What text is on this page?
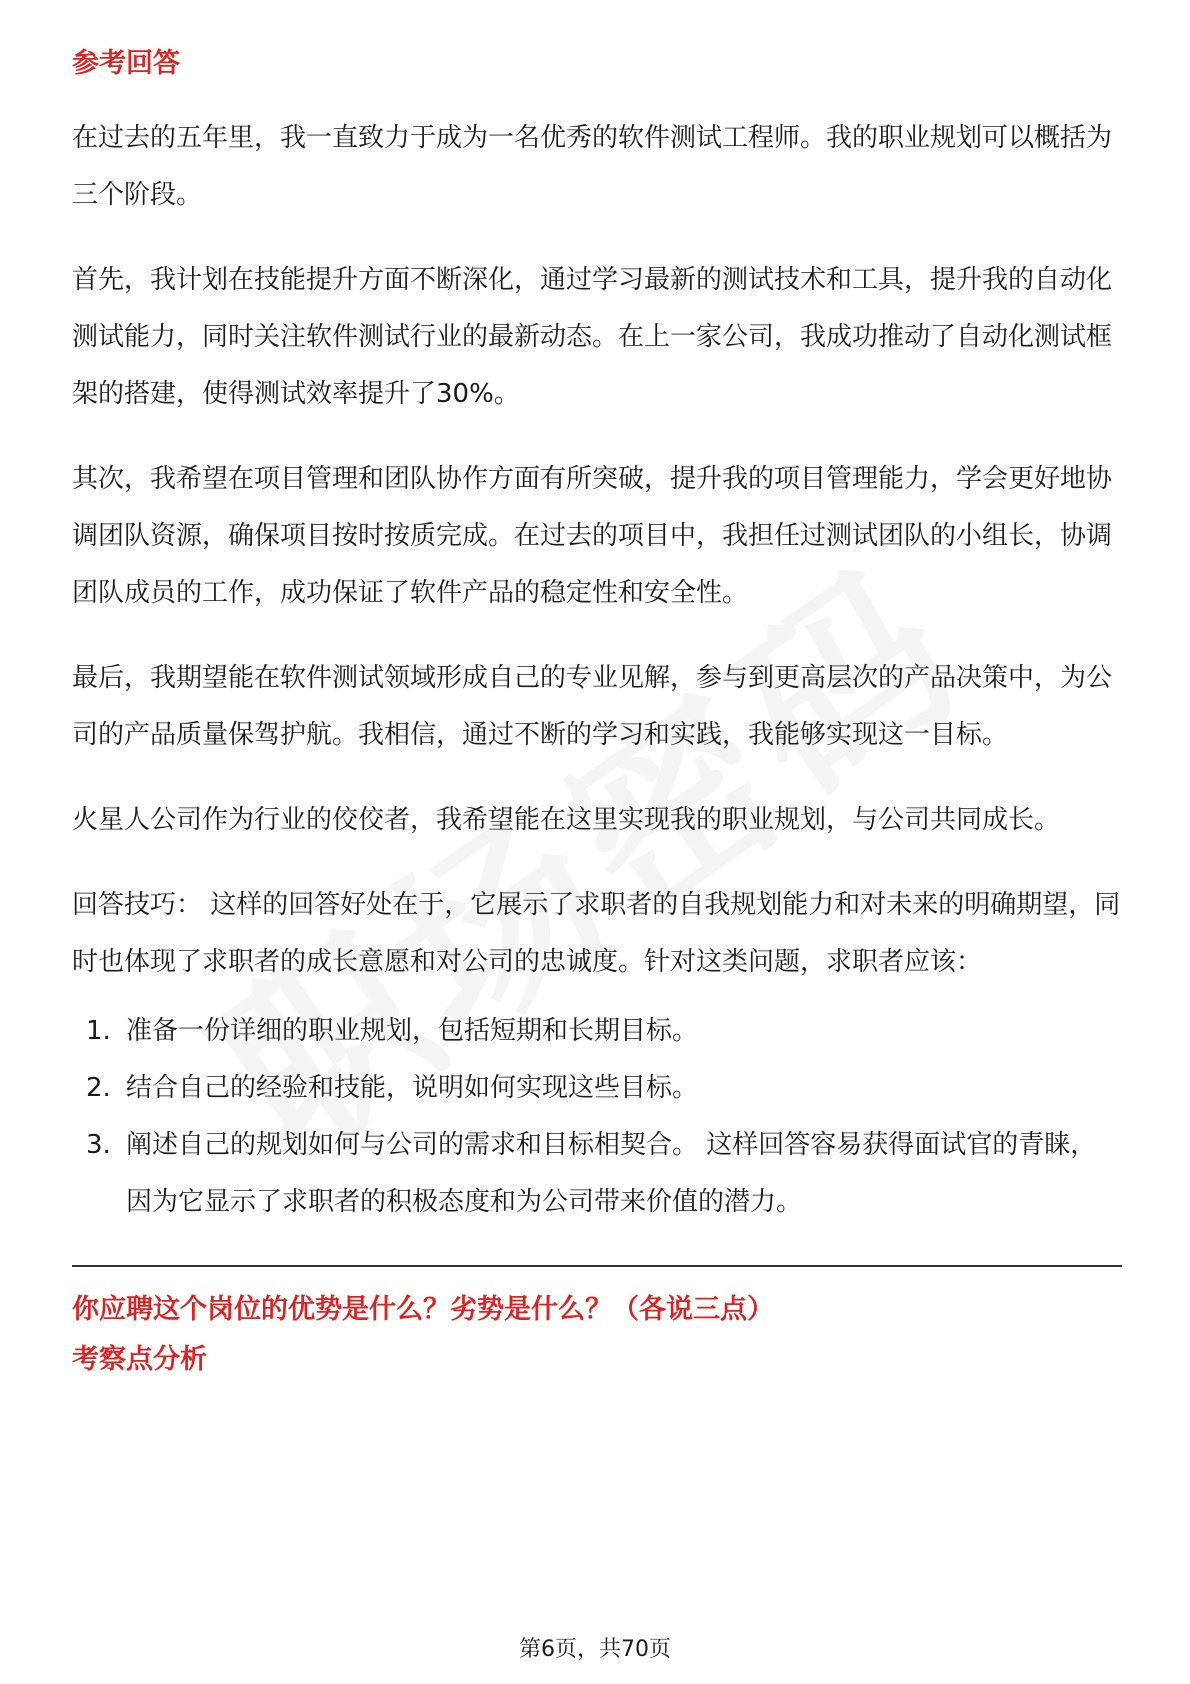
参考回答

在过去的五年里，我一直致力于成为一名优秀的软件测试工程师。我的职业规划可以概括为三个阶段。

首先，我计划在技能提升方面不断深化，通过学习最新的测试技术和工具，提升我的自动化测试能力，同时关注软件测试行业的最新动态。在上一家公司，我成功推动了自动化测试框架的搭建，使得测试效率提升了30%。

其次，我希望在项目管理和团队协作方面有所突破，提升我的项目管理能力，学会更好地协调团队资源，确保项目按时按质完成。在过去的项目中，我担任过测试团队的小组长，协调团队成员的工作，成功保证了软件产品的稳定性和安全性。

最后，我期望能在软件测试领域形成自己的专业见解，参与到更高层次的产品决策中，为公司的产品质量保驾护航。我相信，通过不断的学习和实践，我能够实现这一目标。

火星人公司作为行业的佼佼者，我希望能在这里实现我的职业规划，与公司共同成长。

回答技巧： 这样的回答好处在于，它展示了求职者的自我规划能力和对未来的明确期望，同时也体现了求职者的成长意愿和对公司的忠诚度。针对这类问题，求职者应该：

1. 准备一份详细的职业规划，包括短期和长期目标。
2. 结合自己的经验和技能，说明如何实现这些目标。
3. 阐述自己的规划如何与公司的需求和目标相契合。 这样回答容易获得面试官的青睐，因为它显示了求职者的积极态度和为公司带来价值的潜力。
你应聘这个岗位的优势是什么？劣势是什么？（各说三点）
考察点分析
第6页，共70页
